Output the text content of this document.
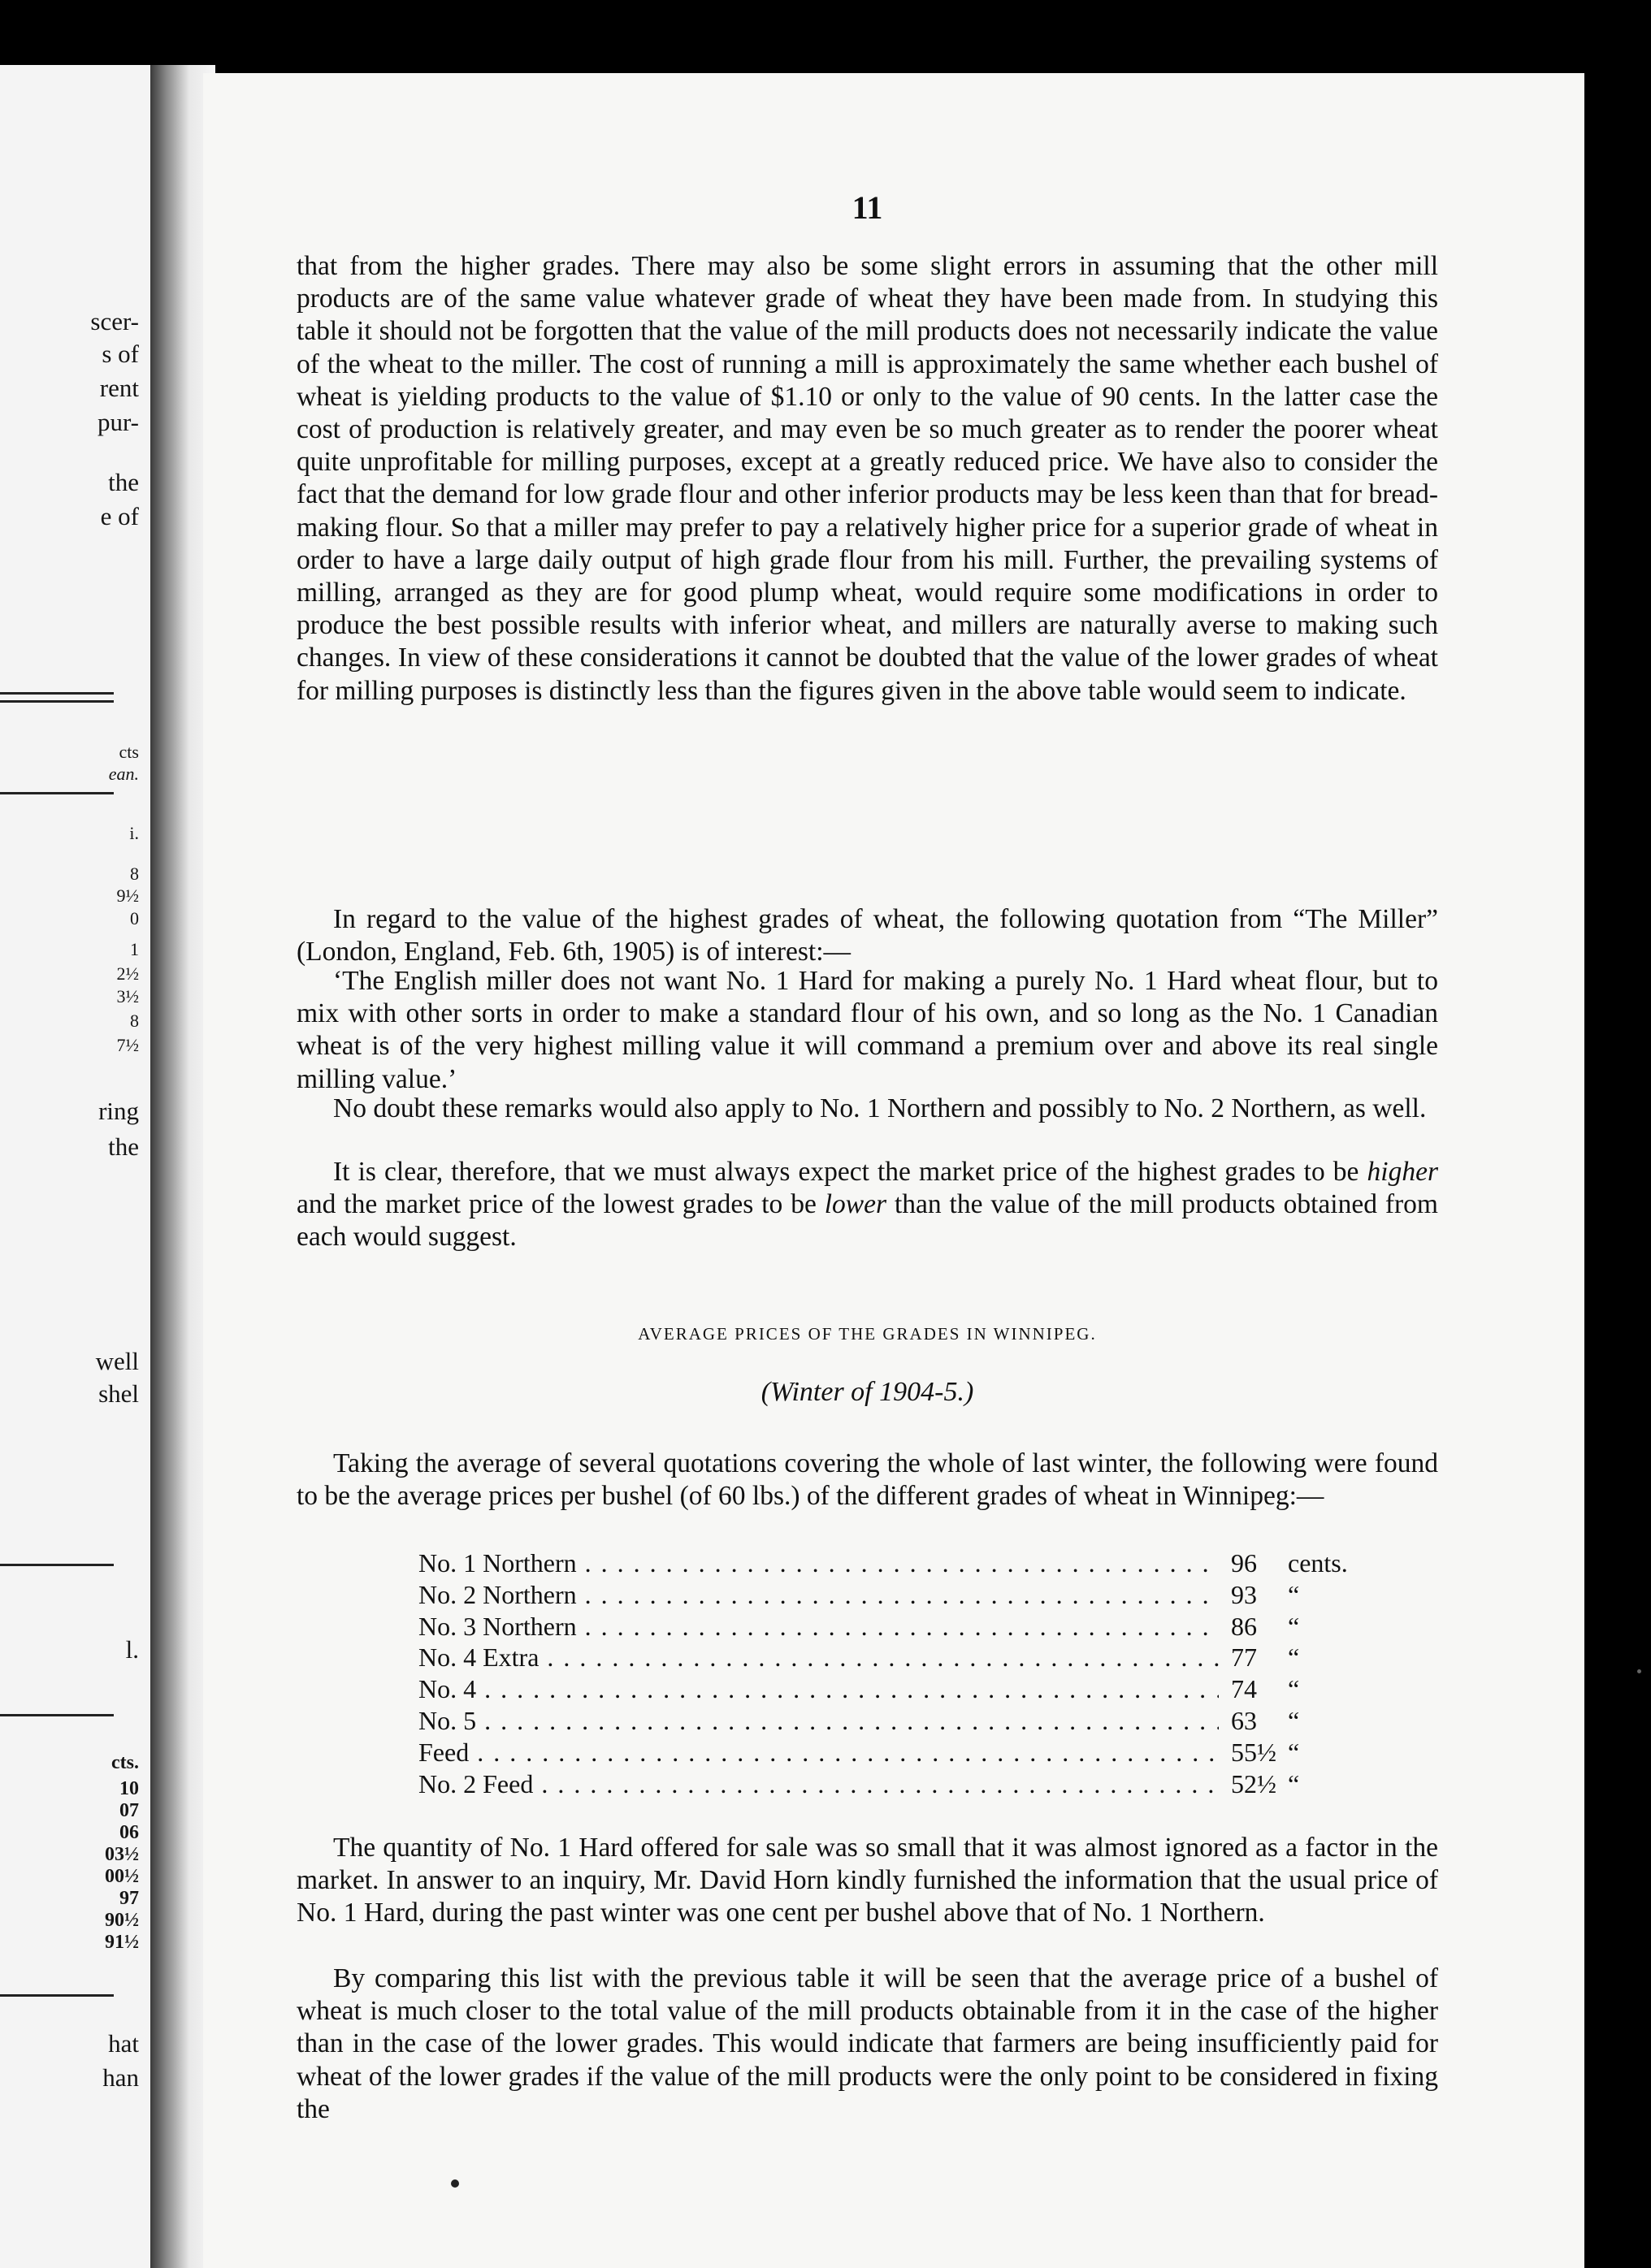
scer-
s of
rent
pur-
the
e of
cts
ean.
i.
8
9½
0
1
2½
3½
8
7½
ring
the
well
shel
l.
cts.
10
07
06
03½
00½
97
90½
91½
hat
han
11

that from the higher grades. There may also be some slight errors in assuming that the other mill products are of the same value whatever grade of wheat they have been made from. In studying this table it should not be forgotten that the value of the mill products does not necessarily indicate the value of the wheat to the miller. The cost of running a mill is approximately the same whether each bushel of wheat is yielding products to the value of $1.10 or only to the value of 90 cents. In the latter case the cost of production is relatively greater, and may even be so much greater as to render the poorer wheat quite unprofitable for milling purposes, except at a greatly reduced price. We have also to consider the fact that the demand for low grade flour and other inferior products may be less keen than that for bread-making flour. So that a miller may prefer to pay a relatively higher price for a superior grade of wheat in order to have a large daily output of high grade flour from his mill. Further, the prevailing systems of milling, arranged as they are for good plump wheat, would require some modifications in order to produce the best possible results with inferior wheat, and millers are naturally averse to making such changes. In view of these considerations it cannot be doubted that the value of the lower grades of wheat for milling purposes is distinctly less than the figures given in the above table would seem to indicate.

In regard to the value of the highest grades of wheat, the following quotation from “The Miller” (London, England, Feb. 6th, 1905) is of interest:—

‘The English miller does not want No. 1 Hard for making a purely No. 1 Hard wheat flour, but to mix with other sorts in order to make a standard flour of his own, and so long as the No. 1 Canadian wheat is of the very highest milling value it will command a premium over and above its real single milling value.’

No doubt these remarks would also apply to No. 1 Northern and possibly to No. 2 Northern, as well.

It is clear, therefore, that we must always expect the market price of the highest grades to be higher and the market price of the lowest grades to be lower than the value of the mill products obtained from each would suggest.

AVERAGE PRICES OF THE GRADES IN WINNIPEG.
(Winter of 1904-5.)

Taking the average of several quotations covering the whole of last winter, the following were found to be the average prices per bushel (of 60 lbs.) of the different grades of wheat in Winnipeg:—

No. 1 Northern . . .	96	cents.
No. 2 Northern . . .	93	“
No. 3 Northern . . .	86	“
No. 4 Extra . . .	77	“
No. 4 . . .	74	“
No. 5 . . .	63	“
Feed . . .	55½ “
No. 2 Feed . . .	52½ “

The quantity of No. 1 Hard offered for sale was so small that it was almost ignored as a factor in the market. In answer to an inquiry, Mr. David Horn kindly furnished the information that the usual price of No. 1 Hard, during the past winter was one cent per bushel above that of No. 1 Northern.

By comparing this list with the previous table it will be seen that the average price of a bushel of wheat is much closer to the total value of the mill products obtainable from it in the case of the higher than in the case of the lower grades. This would indicate that farmers are being insufficiently paid for wheat of the lower grades if the value of the mill products were the only point to be considered in fixing the
